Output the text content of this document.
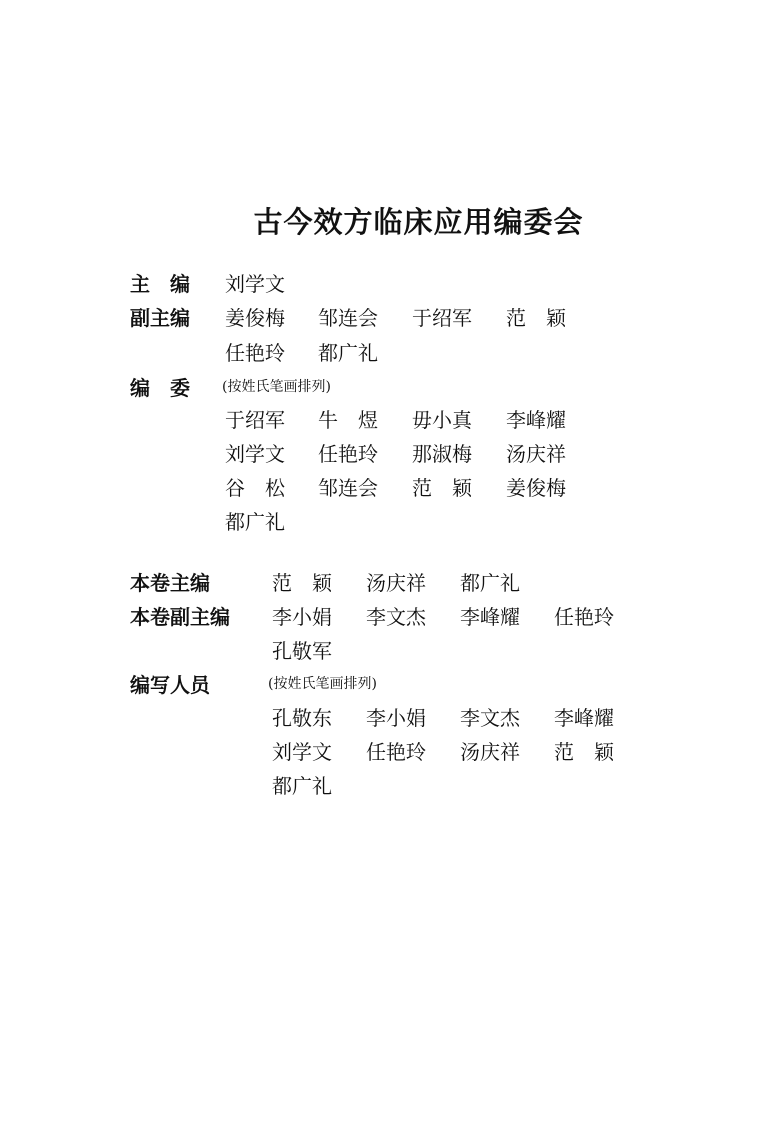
古今效方临床应用编委会
主　编 刘学文
副主编 姜俊梅 邹连会 于绍军 范　颖
任艳玲 都广礼
编　委 (按姓氏笔画排列)
于绍军 牛　煜 毋小真 李峰耀
刘学文 任艳玲 那淑梅 汤庆祥
谷　松 邹连会 范　颖 姜俊梅
都广礼
本卷主编	范　颖 汤庆祥 都广礼
本卷副主编 李小娟 李文杰 李峰耀 任艳玲
孔敬军
编写人员	(按姓氏笔画排列)
孔敬东 李小娟 李文杰 李峰耀
刘学文 任艳玲 汤庆祥 范　颖
都广礼
